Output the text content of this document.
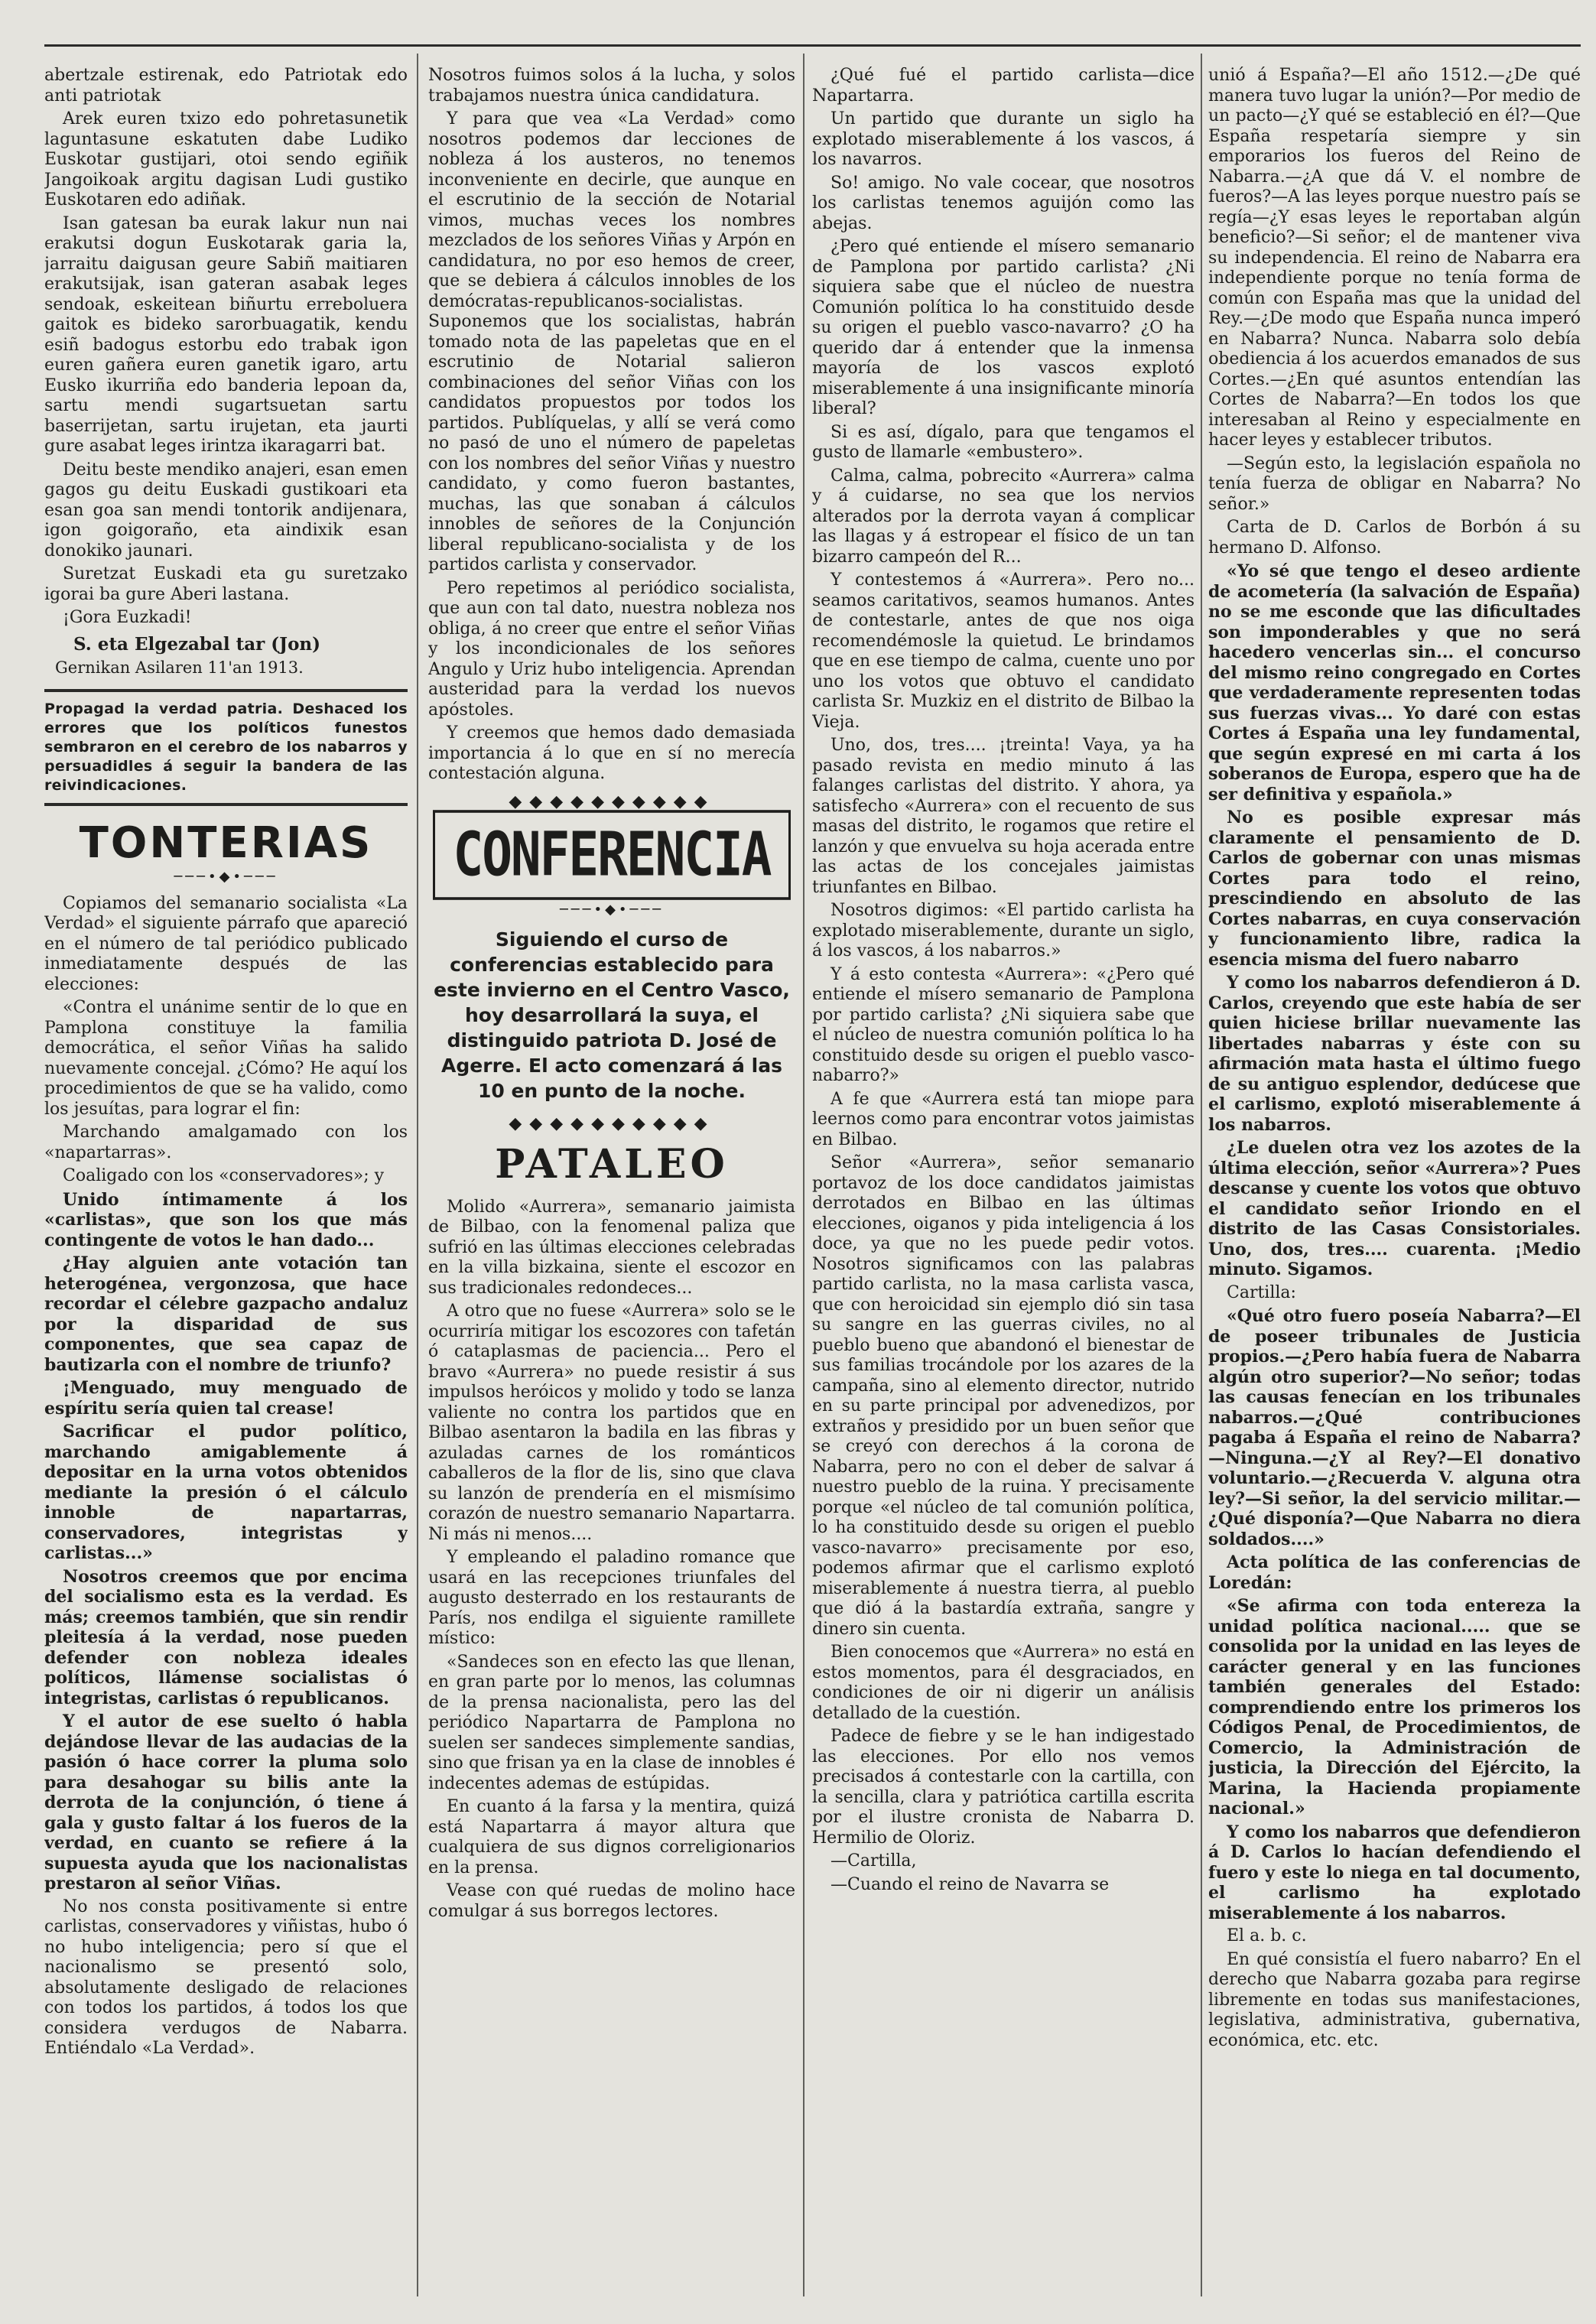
abertzale estirenak, edo Patriotak edo anti patriotak

Arek euren txizo edo pohretasunetik laguntasune eskatuten dabe Ludiko Euskotar gustijari, otoi sendo egiñik Jangoikoak argitu dagisan Ludi gustiko Euskotaren edo adiñak.

Isan gatesan ba eurak lakur nun nai erakutsi dogun Euskotarak garia la, jarraitu daigusan geure Sabiñ maitiaren erakutsijak, isan gateran asabak leges sendoak, eskeitean biñurtu erreboluera gaitok es bideko sarorbuagatik, kendu esiñ badogus estorbu edo trabak igon euren gañera euren ganetik igaro, artu Eusko ikurriña edo banderia lepoan da, sartu mendi sugartsuetan sartu baserrijetan, sartu irujetan, eta jaurti gure asabat leges irintza ikaragarri bat.

Deitu beste mendiko anajeri, esan emen gagos gu deitu Euskadi gustikoari eta esan goa san mendi tontorik andijenara, igon goigoraño, eta aindixik esan donokiko jaunari.

Suretzat Euskadi eta gu suretzako igorai ba gure Aberi lastana.

¡Gora Euzkadi!

S. eta Elgezabal tar (Jon)

Gernikan Asilaren 11'an 1913.

Propagad la verdad patria. Deshaced los errores que los políticos funestos sembraron en el cerebro de los nabarros y persuadidles á seguir la bandera de las reivindicaciones.
TONTERIAS
───•◆•───

Copiamos del semanario socialista «La Verdad» el siguiente párrafo que apareció en el número de tal periódico publicado inmediatamente después de las elecciones:

«Contra el unánime sentir de lo que en Pamplona constituye la familia democrática, el señor Viñas ha salido nuevamente concejal. ¿Cómo? He aquí los procedimientos de que se ha valido, como los jesuítas, para lograr el fin:

Marchando amalgamado con los «napartarras».

Coaligado con los «conservadores»; y

Unido íntimamente á los «carlistas», que son los que más contingente de votos le han dado...

¿Hay alguien ante votación tan heterogénea, vergonzosa, que hace recordar el célebre gazpacho andaluz por la disparidad de sus componentes, que sea capaz de bautizarla con el nombre de triunfo?

¡Menguado, muy menguado de espíritu sería quien tal crease!

Sacrificar el pudor político, marchando amigablemente á depositar en la urna votos obtenidos mediante la presión ó el cálculo innoble de napartarras, conservadores, integristas y carlistas...»

Nosotros creemos que por encima del socialismo esta es la verdad. Es más; creemos también, que sin rendir pleitesía á la verdad, nose pueden defender con nobleza ideales políticos, llámense socialistas ó integristas, carlistas ó republicanos.

Y el autor de ese suelto ó habla dejándose llevar de las audacias de la pasión ó hace correr la pluma solo para desahogar su bilis ante la derrota de la conjunción, ó tiene á gala y gusto faltar á los fueros de la verdad, en cuanto se refiere á la supuesta ayuda que los nacionalistas prestaron al señor Viñas.

No nos consta positivamente si entre carlistas, conservadores y viñistas, hubo ó no hubo inteligencia; pero sí que el nacionalismo se presentó solo, absolutamente desligado de relaciones con todos los partidos, á todos los que considera verdugos de Nabarra. Entiéndalo «La Verdad».

Nosotros fuimos solos á la lucha, y solos trabajamos nuestra única candidatura.

Y para que vea «La Verdad» como nosotros podemos dar lecciones de nobleza á los austeros, no tenemos inconveniente en decirle, que aunque en el escrutinio de la sección de Notarial vimos, muchas veces los nombres mezclados de los señores Viñas y Arpón en candidatura, no por eso hemos de creer, que se debiera á cálculos innobles de los demócratas-republicanos-socialistas. Suponemos que los socialistas, habrán tomado nota de las papeletas que en el escrutinio de Notarial salieron combinaciones del señor Viñas con los candidatos propuestos por todos los partidos. Publíquelas, y allí se verá como no pasó de uno el número de papeletas con los nombres del señor Viñas y nuestro candidato, y como fueron bastantes, muchas, las que sonaban á cálculos innobles de señores de la Conjunción liberal republicano-socialista y de los partidos carlista y conservador.

Pero repetimos al periódico socialista, que aun con tal dato, nuestra nobleza nos obliga, á no creer que entre el señor Viñas y los incondicionales de los señores Angulo y Uriz hubo inteligencia. Aprendan austeridad para la verdad los nuevos apóstoles.

Y creemos que hemos dado demasiada importancia á lo que en sí no merecía contestación alguna.

◆◆◆◆◆◆◆◆◆◆
CONFERENCIA
───•◆•───
Siguiendo el curso de conferencias establecido para este invierno en el Centro Vasco, hoy desarrollará la suya, el distinguido patriota D. José de Agerre. El acto comenzará á las 10 en punto de la noche.
◆◆◆◆◆◆◆◆◆◆
PATALEO

Molido «Aurrera», semanario jaimista de Bilbao, con la fenomenal paliza que sufrió en las últimas elecciones celebradas en la villa bizkaina, siente el escozor en sus tradicionales redondeces...

A otro que no fuese «Aurrera» solo se le ocurriría mitigar los escozores con tafetán ó cataplasmas de paciencia... Pero el bravo «Aurrera» no puede resistir á sus impulsos heróicos y molido y todo se lanza valiente no contra los partidos que en Bilbao asentaron la badila en las fibras y azuladas carnes de los románticos caballeros de la flor de lis, sino que clava su lanzón de prendería en el mismísimo corazón de nuestro semanario Napartarra. Ni más ni menos....

Y empleando el paladino romance que usará en las recepciones triunfales del augusto desterrado en los restaurants de París, nos endilga el siguiente ramillete místico:

«Sandeces son en efecto las que llenan, en gran parte por lo menos, las columnas de la prensa nacionalista, pero las del periódico Napartarra de Pamplona no suelen ser sandeces simplemente sandias, sino que frisan ya en la clase de innobles é indecentes ademas de estúpidas.

En cuanto á la farsa y la mentira, quizá está Napartarra á mayor altura que cualquiera de sus dignos correligionarios en la prensa.

Vease con qué ruedas de molino hace comulgar á sus borregos lectores.

¿Qué fué el partido carlista—dice Napartarra.

Un partido que durante un siglo ha explotado miserablemente á los vascos, á los navarros.

So! amigo. No vale cocear, que nosotros los carlistas tenemos aguijón como las abejas.

¿Pero qué entiende el mísero semanario de Pamplona por partido carlista? ¿Ni siquiera sabe que el núcleo de nuestra Comunión política lo ha constituido desde su origen el pueblo vasco-navarro? ¿O ha querido dar á entender que la inmensa mayoría de los vascos explotó miserablemente á una insignificante minoría liberal?

Si es así, dígalo, para que tengamos el gusto de llamarle «embustero».

Calma, calma, pobrecito «Aurrera» calma y á cuidarse, no sea que los nervios alterados por la derrota vayan á complicar las llagas y á estropear el físico de un tan bizarro campeón del R...

Y contestemos á «Aurrera». Pero no... seamos caritativos, seamos humanos. Antes de contestarle, antes de que nos oiga recomendémosle la quietud. Le brindamos que en ese tiempo de calma, cuente uno por uno los votos que obtuvo el candidato carlista Sr. Muzkiz en el distrito de Bilbao la Vieja.

Uno, dos, tres.... ¡treinta! Vaya, ya ha pasado revista en medio minuto á las falanges carlistas del distrito. Y ahora, ya satisfecho «Aurrera» con el recuento de sus masas del distrito, le rogamos que retire el lanzón y que envuelva su hoja acerada entre las actas de los concejales jaimistas triunfantes en Bilbao.

Nosotros digimos: «El partido carlista ha explotado miserablemente, durante un siglo, á los vascos, á los nabarros.»

Y á esto contesta «Aurrera»: «¿Pero qué entiende el mísero semanario de Pamplona por partido carlista? ¿Ni siquiera sabe que el núcleo de nuestra comunión política lo ha constituido desde su origen el pueblo vasco-nabarro?»

A fe que «Aurrera está tan miope para leernos como para encontrar votos jaimistas en Bilbao.

Señor «Aurrera», señor semanario portavoz de los doce candidatos jaimistas derrotados en Bilbao en las últimas elecciones, oiganos y pida inteligencia á los doce, ya que no les puede pedir votos. Nosotros significamos con las palabras partido carlista, no la masa carlista vasca, que con heroicidad sin ejemplo dió sin tasa su sangre en las guerras civiles, no al pueblo bueno que abandonó el bienestar de sus familias trocándole por los azares de la campaña, sino al elemento director, nutrido en su parte principal por advenedizos, por extraños y presidido por un buen señor que se creyó con derechos á la corona de Nabarra, pero no con el deber de salvar á nuestro pueblo de la ruina. Y precisamente porque «el núcleo de tal comunión política, lo ha constituido desde su origen el pueblo vasco-navarro» precisamente por eso, podemos afirmar que el carlismo explotó miserablemente á nuestra tierra, al pueblo que dió á la bastardía extraña, sangre y dinero sin cuenta.

Bien conocemos que «Aurrera» no está en estos momentos, para él desgraciados, en condiciones de oir ni digerir un análisis detallado de la cuestión.

Padece de fiebre y se le han indigestado las elecciones. Por ello nos vemos precisados á contestarle con la cartilla, con la sencilla, clara y patriótica cartilla escrita por el ilustre cronista de Nabarra D. Hermilio de Oloriz.

—Cartilla,

—Cuando el reino de Navarra se

unió á España?—El año 1512.—¿De qué manera tuvo lugar la unión?—Por medio de un pacto—¿Y qué se estableció en él?—Que España respetaría siempre y sin emporarios los fueros del Reino de Nabarra.—¿A que dá V. el nombre de fueros?—A las leyes porque nuestro país se regía—¿Y esas leyes le reportaban algún beneficio?—Si señor; el de mantener viva su independencia. El reino de Nabarra era independiente porque no tenía forma de común con España mas que la unidad del Rey.—¿De modo que España nunca imperó en Nabarra? Nunca. Nabarra solo debía obediencia á los acuerdos emanados de sus Cortes.—¿En qué asuntos entendían las Cortes de Nabarra?—En todos los que interesaban al Reino y especialmente en hacer leyes y establecer tributos.

—Según esto, la legislación española no tenía fuerza de obligar en Nabarra? No señor.»

Carta de D. Carlos de Borbón á su hermano D. Alfonso.

«Yo sé que tengo el deseo ardiente de acometería (la salvación de España) no se me esconde que las dificultades son imponderables y que no será hacedero vencerlas sin... el concurso del mismo reino congregado en Cortes que verdaderamente representen todas sus fuerzas vivas... Yo daré con estas Cortes á España una ley fundamental, que según expresé en mi carta á los soberanos de Europa, espero que ha de ser definitiva y española.»

No es posible expresar más claramente el pensamiento de D. Carlos de gobernar con unas mismas Cortes para todo el reino, prescindiendo en absoluto de las Cortes nabarras, en cuya conservación y funcionamiento libre, radica la esencia misma del fuero nabarro

Y como los nabarros defendieron á D. Carlos, creyendo que este había de ser quien hiciese brillar nuevamente las libertades nabarras y éste con su afirmación mata hasta el último fuego de su antiguo esplendor, dedúcese que el carlismo, explotó miserablemente á los nabarros.

¿Le duelen otra vez los azotes de la última elección, señor «Aurrera»? Pues descanse y cuente los votos que obtuvo el candidato señor Iriondo en el distrito de las Casas Consistoriales. Uno, dos, tres.... cuarenta. ¡Medio minuto. Sigamos.

Cartilla:

«Qué otro fuero poseía Nabarra?—El de poseer tribunales de Justicia propios.—¿Pero había fuera de Nabarra algún otro superior?—No señor; todas las causas fenecían en los tribunales nabarros.—¿Qué contribuciones pagaba á España el reino de Nabarra?—Ninguna.—¿Y al Rey?—El donativo voluntario.—¿Recuerda V. alguna otra ley?—Si señor, la del servicio militar.—¿Qué disponía?—Que Nabarra no diera soldados....»

Acta política de las conferencias de Loredán:

«Se afirma con toda entereza la unidad política nacional..... que se consolida por la unidad en las leyes de carácter general y en las funciones también generales del Estado: comprendiendo entre los primeros los Códigos Penal, de Procedimientos, de Comercio, la Administración de justicia, la Dirección del Ejército, la Marina, la Hacienda propiamente nacional.»

Y como los nabarros que defendieron á D. Carlos lo hacían defendiendo el fuero y este lo niega en tal documento, el carlismo ha explotado miserablemente á los nabarros.

El a. b. c.

En qué consistía el fuero nabarro? En el derecho que Nabarra gozaba para regirse libremente en todas sus manifestaciones, legislativa, administrativa, gubernativa, económica, etc. etc.
